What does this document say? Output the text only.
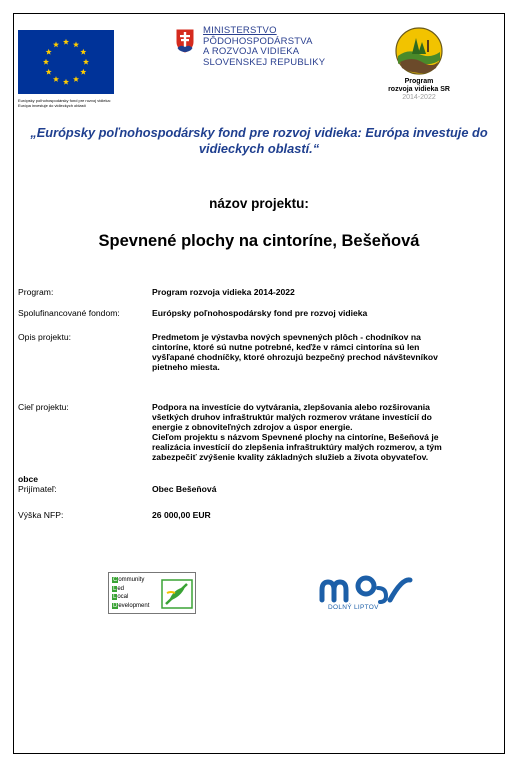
Európsky poľnohospodársky fond pre rozvoj vidieka:
Európa investuje do vidieckych oblastí
MINISTERSTVO
PÔDOHOSPODÁRSTVA
A ROZVOJA VIDIEKA
SLOVENSKEJ REPUBLIKY
Program
rozvoja vidieka SR
2014-2022
„Európsky poľnohospodársky fond pre rozvoj vidieka: Európa investuje do
vidieckych oblastí.“
názov projektu:
Spevnené plochy na cintoríne, Bešeňová
Program:	Program rozvoja vidieka 2014-2022
Spolufinancované fondom:	Európsky poľnohospodársky fond pre rozvoj vidieka
Opis projektu:	Predmetom je výstavba nových spevnených plôch - chodníkov na
cintoríne, ktoré sú nutne potrebné, keďže v rámci cintorína sú len
vyšľapané chodníčky, ktoré ohrozujú bezpečný prechod návštevníkov
pietneho miesta.
Cieľ projektu:	Podpora na investície do vytvárania, zlepšovania alebo rozširovania
všetkých druhov infraštruktúr malých rozmerov vrátane investícií do
energie z obnoviteľných zdrojov a úspor energie.
Cieľom projektu s názvom Spevnené plochy na cintoríne, Bešeňová je
realizácia investícií do zlepšenia infraštruktúry malých rozmerov, a tým
zabezpečiť zvýšenie kvality základných služieb a života obyvateľov.
obce
Prijímateľ:	Obec Bešeňová
Výška NFP:	26 000,00 EUR
Community
Led
Local
Development	DOLNÝ LIPTOV
